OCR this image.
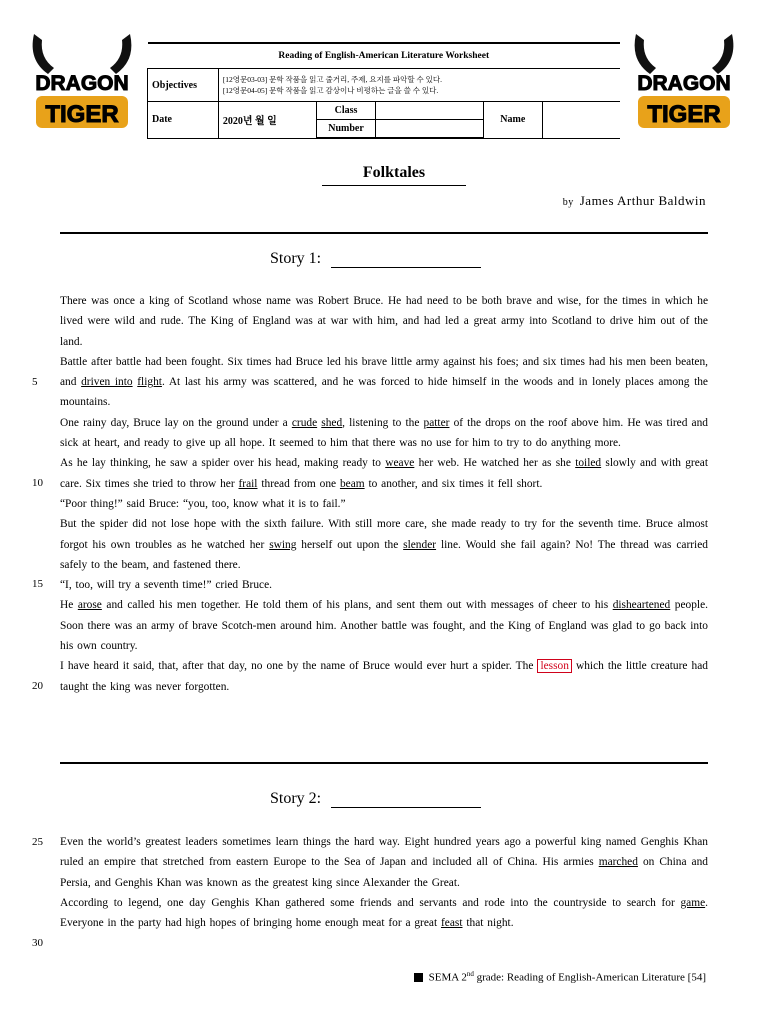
DRAGON
TIGER
DRAGON
TIGER
Reading of English-American Literature Worksheet					
Objectives	[12영문03-03] 문학 작품을 읽고 줄거리, 주제, 요지를 파악할 수 있다.
[12영문04-05] 문학 작품을 읽고 감상이나 비평하는 글을 쓸 수 있다.				

Date	2020년 월 일	Class		Name	
		Number			
Folktales
by James Arthur Baldwin
Story 1:

There was once a king of Scotland whose name was Robert Bruce. He had need to be both brave and wise, for the times in which he lived were wild and rude. The King of England was at war with him, and had led a great army into Scotland to drive him out of the land.

Battle after battle had been fought. Six times had Bruce led his brave little army against his foes; and six times had his men been beaten, and driven into flight. At last his army was scattered, and he was forced to hide himself in the woods and in lonely places among the mountains.

One rainy day, Bruce lay on the ground under a crude shed, listening to the patter of the drops on the roof above him. He was tired and sick at heart, and ready to give up all hope. It seemed to him that there was no use for him to try to do anything more.

As he lay thinking, he saw a spider over his head, making ready to weave her web. He watched her as she toiled slowly and with great care. Six times she tried to throw her frail thread from one beam to another, and six times it fell short.

“Poor thing!” said Bruce: “you, too, know what it is to fail.”

But the spider did not lose hope with the sixth failure. With still more care, she made ready to try for the seventh time. Bruce almost forgot his own troubles as he watched her swing herself out upon the slender line. Would she fail again? No! The thread was carried safely to the beam, and fastened there.

“I, too, will try a seventh time!” cried Bruce.

He arose and called his men together. He told them of his plans, and sent them out with messages of cheer to his disheartened people. Soon there was an army of brave Scotch-men around him. Another battle was fought, and the King of England was glad to go back into his own country.

I have heard it said, that, after that day, no one by the name of Bruce would ever hurt a spider. The lesson which the little creature had taught the king was never forgotten.

5
10
15
20
Story 2:

Even the world’s greatest leaders sometimes learn things the hard way. Eight hundred years ago a powerful king named Genghis Khan ruled an empire that stretched from eastern Europe to the Sea of Japan and included all of China. His armies marched on China and Persia, and Genghis Khan was known as the greatest king since Alexander the Great.

According to legend, one day Genghis Khan gathered some friends and servants and rode into the countryside to search for game. Everyone in the party had high hopes of bringing home enough meat for a great feast that night.

25
30
SEMA 2nd grade: Reading of English-American Literature [54]
